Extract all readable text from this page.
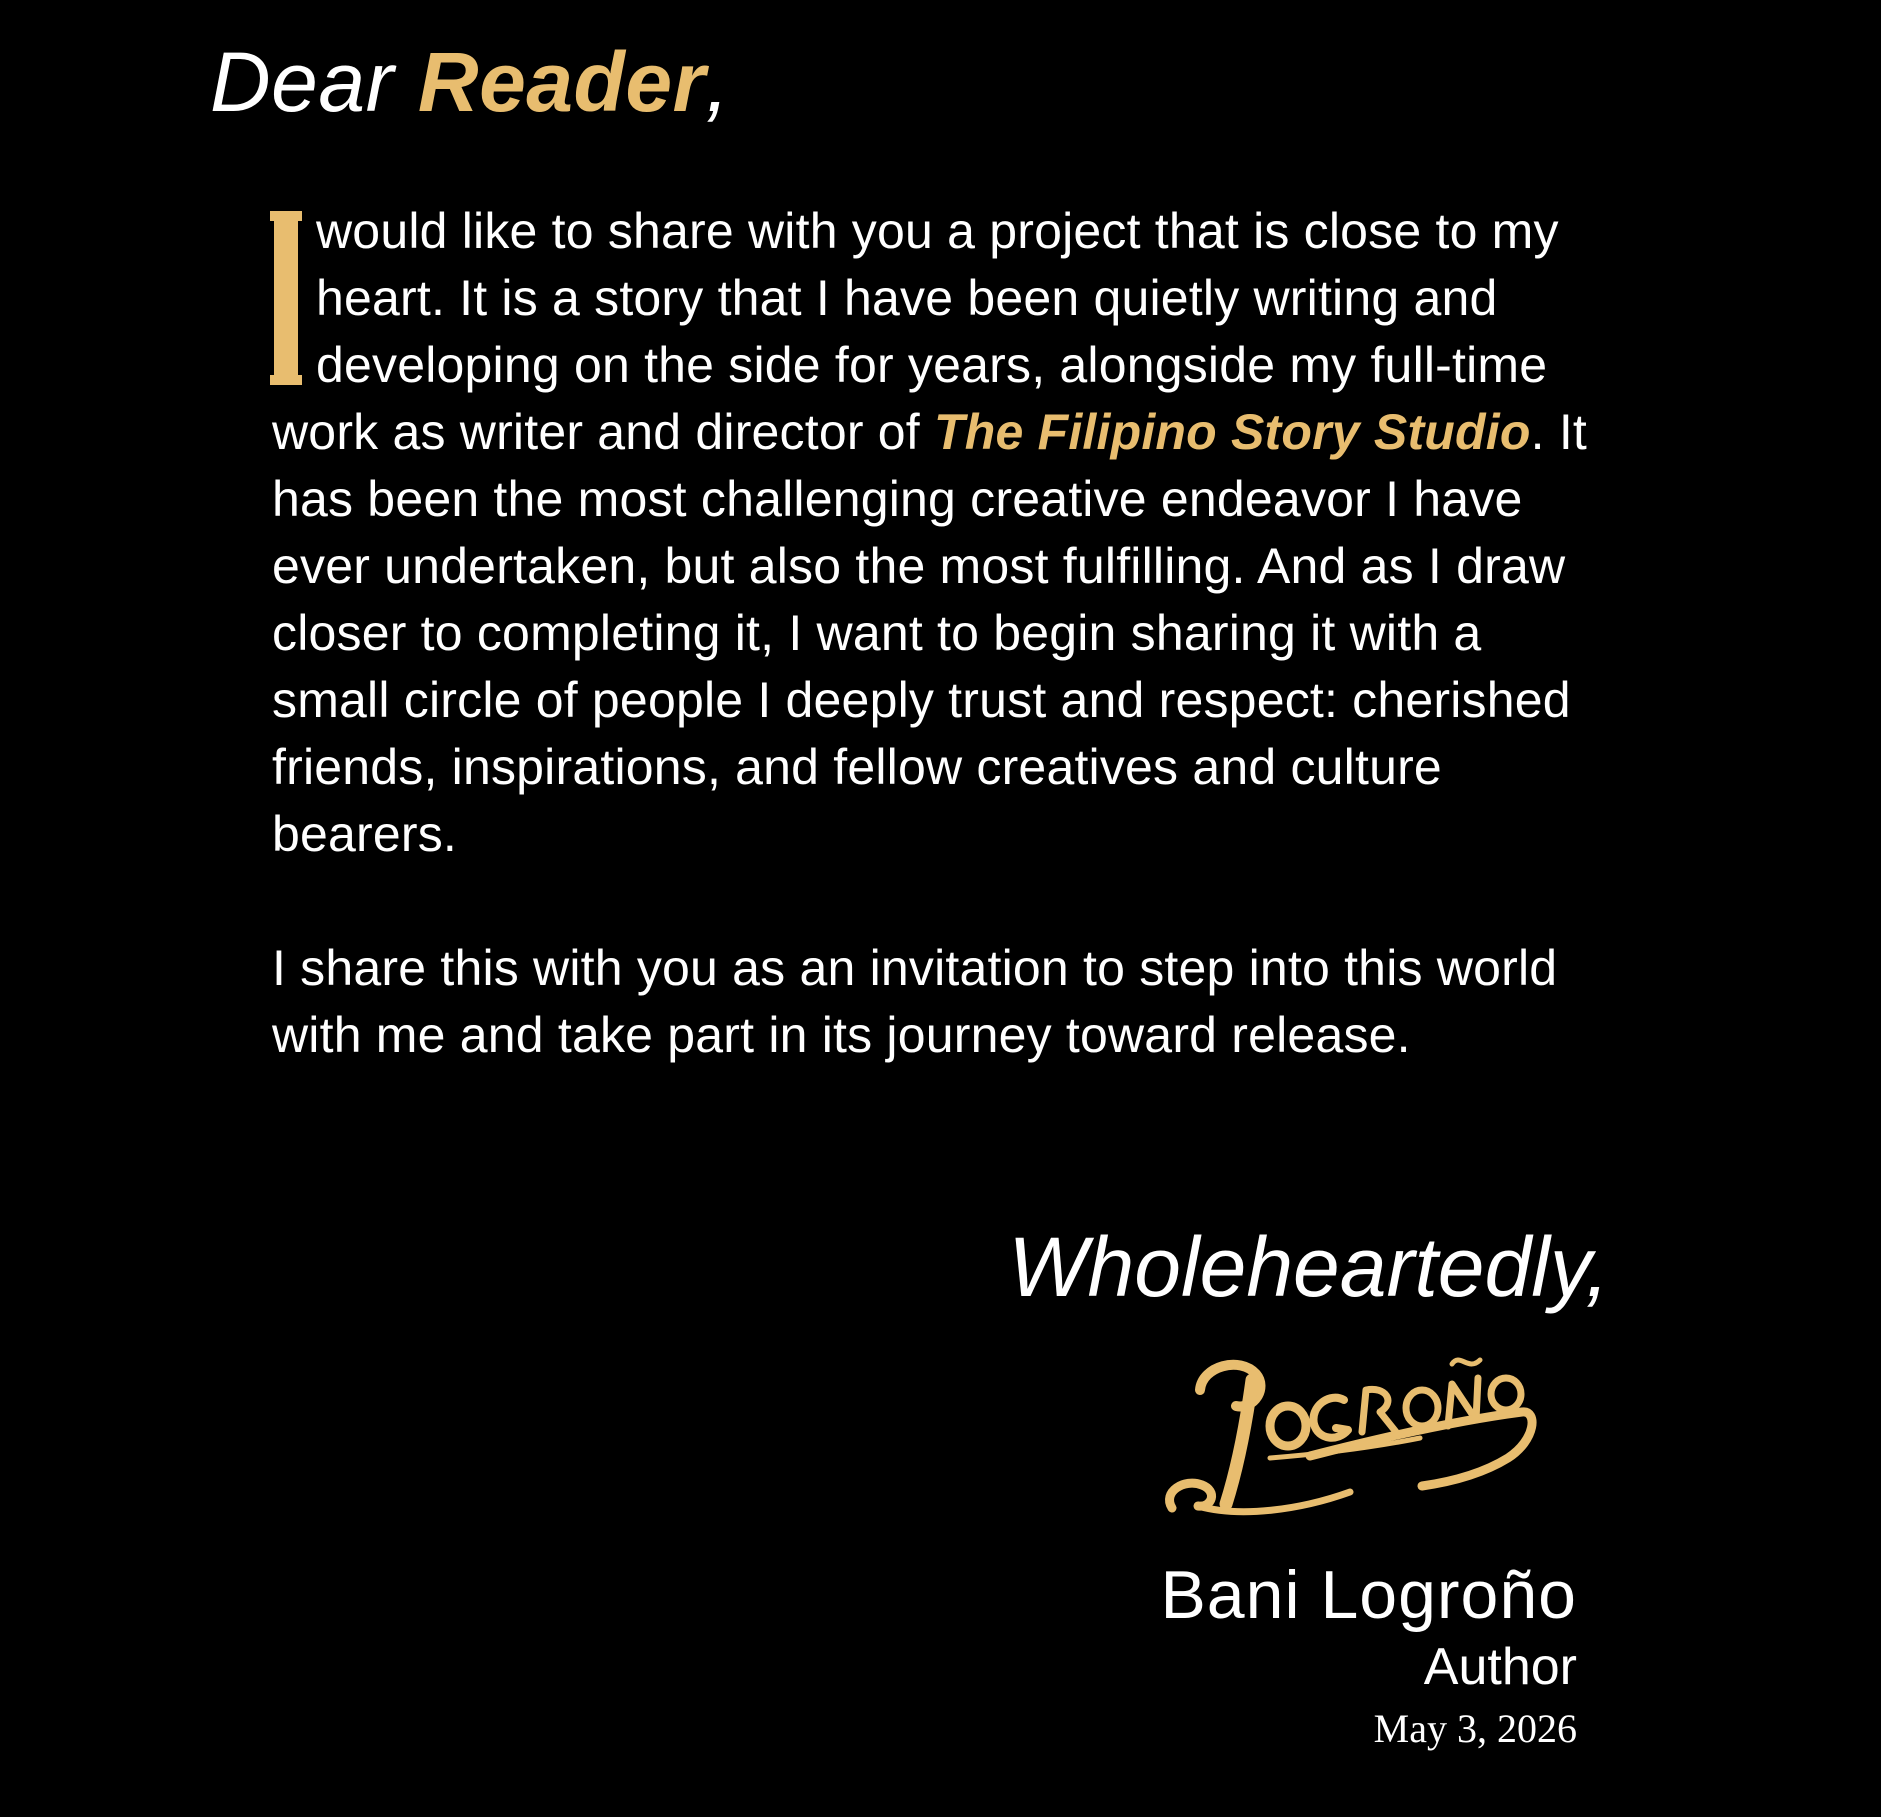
Dear Reader,

would like to share with you a project that is close to my heart. It is a story that I have been quietly writing and developing on the side for years, alongside my full-time work as writer and director of The Filipino Story Studio. It has been the most challenging creative endeavor I have ever undertaken, but also the most fulfilling. And as I draw closer to completing it, I want to begin sharing it with a small circle of people I deeply trust and respect: cherished friends, inspirations, and fellow creatives and culture bearers.

I share this with you as an invitation to step into this world with me and take part in its journey toward release.

Wholeheartedly,
Bani Logroño
Author
May 3, 2026
